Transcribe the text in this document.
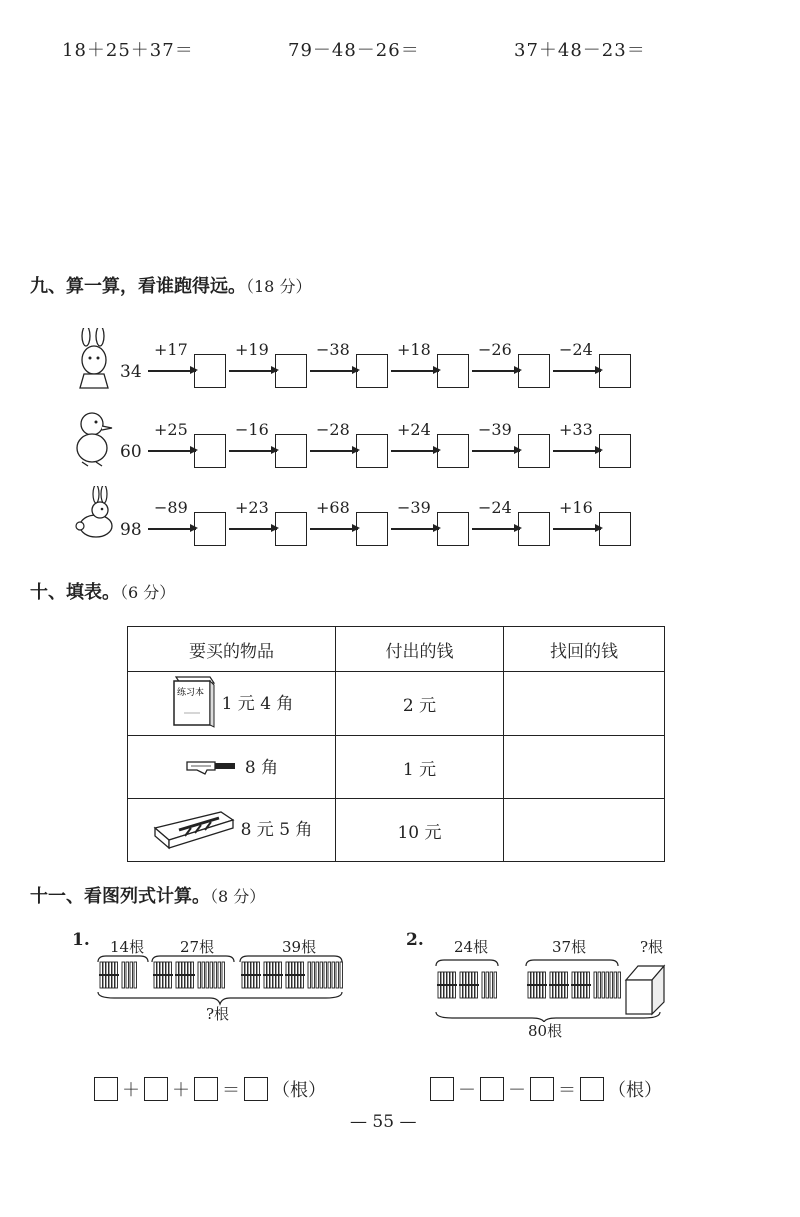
18＋25＋37＝	79－48－26＝	37＋48－23＝
九、算一算，看谁跑得远。（18 分）
34
+17	+19	−38	+18	−26	−24
60
+25	−16	−28	+24	−39	+33
98
−89	+23	+68	−39	−24	+16
十、填表。（6 分）
要买的物品	付出的钱	找回的钱

练习本
1 元 4 角	2 元	

8 角	1 元	

8 元 5 角	10 元	
十一、看图列式计算。（8 分）
1. 14根 27根	39根
?根
2. 24根	37根	?根
80根
＋ ＋ ＝ （根）	－ － ＝ （根）
— 55 —
